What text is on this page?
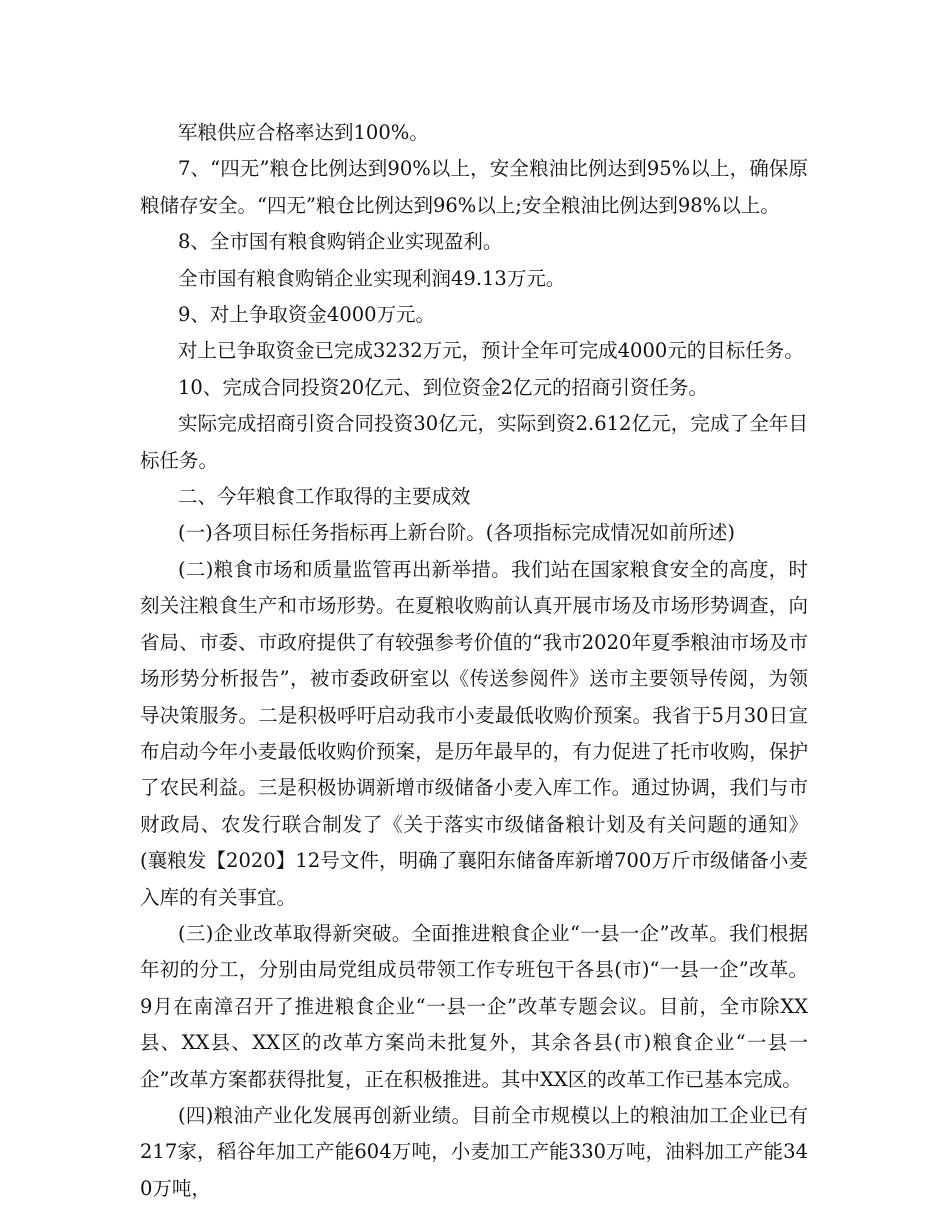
军粮供应合格率达到100%。

7、“四无”粮仓比例达到90%以上，安全粮油比例达到95%以上，确保原粮储存安全。“四无”粮仓比例达到96%以上;安全粮油比例达到98%以上。

8、全市国有粮食购销企业实现盈利。

全市国有粮食购销企业实现利润49.13万元。

9、对上争取资金4000万元。

对上已争取资金已完成3232万元，预计全年可完成4000元的目标任务。

10、完成合同投资20亿元、到位资金2亿元的招商引资任务。

实际完成招商引资合同投资30亿元，实际到资2.612亿元，完成了全年目标任务。

二、今年粮食工作取得的主要成效

(一)各项目标任务指标再上新台阶。(各项指标完成情况如前所述)

(二)粮食市场和质量监管再出新举措。我们站在国家粮食安全的高度，时刻关注粮食生产和市场形势。在夏粮收购前认真开展市场及市场形势调查，向省局、市委、市政府提供了有较强参考价值的“我市2020年夏季粮油市场及市场形势分析报告”，被市委政研室以《传送参阅件》送市主要领导传阅，为领导决策服务。二是积极呼吁启动我市小麦最低收购价预案。我省于5月30日宣布启动今年小麦最低收购价预案，是历年最早的，有力促进了托市收购，保护了农民利益。三是积极协调新增市级储备小麦入库工作。通过协调，我们与市财政局、农发行联合制发了《关于落实市级储备粮计划及有关问题的通知》(襄粮发【2020】12号文件，明确了襄阳东储备库新增700万斤市级储备小麦入库的有关事宜。

(三)企业改革取得新突破。全面推进粮食企业“一县一企”改革。我们根据年初的分工，分别由局党组成员带领工作专班包干各县(市)“一县一企”改革。9月在南漳召开了推进粮食企业“一县一企”改革专题会议。目前，全市除XX县、XX县、XX区的改革方案尚未批复外，其余各县(市)粮食企业“一县一企”改革方案都获得批复，正在积极推进。其中XX区的改革工作已基本完成。

(四)粮油产业化发展再创新业绩。目前全市规模以上的粮油加工企业已有217家，稻谷年加工产能604万吨，小麦加工产能330万吨，油料加工产能340万吨，
